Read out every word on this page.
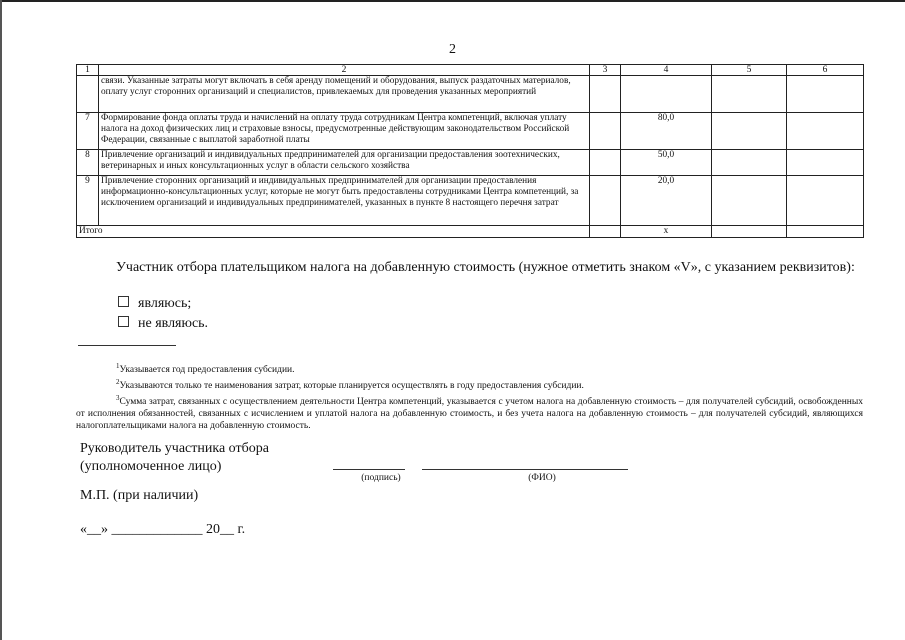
2
1	2	3	4	5	6
	связи. Указанные затраты могут включать в себя аренду помещений и оборудования, выпуск раздаточных материалов, оплату услуг сторонних организаций и специалистов, привлекаемых для проведения указанных мероприятий				
7	Формирование фонда оплаты труда и начислений на оплату труда сотрудникам Центра компетенций, включая уплату налога на доход физических лиц и страховые взносы, предусмотренные действующим законодательством Российской Федерации, связанные с выплатой заработной платы		80,0		
8	Привлечение организаций и индивидуальных предпринимателей для организации предоставления зоотехнических, ветеринарных и иных консультационных услуг в области сельского хозяйства		50,0		
9	Привлечение сторонних организаций и индивидуальных предпринимателей для организации предоставления информационно-консультационных услуг, которые не могут быть предоставлены сотрудниками Центра компетенций, за исключением организаций и индивидуальных предпринимателей, указанных в пункте 8 настоящего перечня затрат		20,0		
Итого			х		

Участник отбора плательщиком налога на добавленную стоимость (нужное отметить знаком «V», с указанием реквизитов):

являюсь;
не являюсь.

$^1$Указывается год предоставления субсидии.

$^2$Указываются только те наименования затрат, которые планируется осуществлять в году предоставления субсидии.

$^3$Сумма затрат, связанных с осуществлением деятельности Центра компетенций, указывается с учетом налога на добавленную стоимость – для получателей субсидий, освобожденных от исполнения обязанностей, связанных с исчислением и уплатой налога на добавленную стоимость, и без учета налога на добавленную стоимость – для получателей субсидий, являющихся налогоплательщиками налога на добавленную стоимость.

Руководитель участника отбора
(уполномоченное лицо)
(подпись)	(ФИО)
М.П. (при наличии)
«__» _____________ 20__ г.
